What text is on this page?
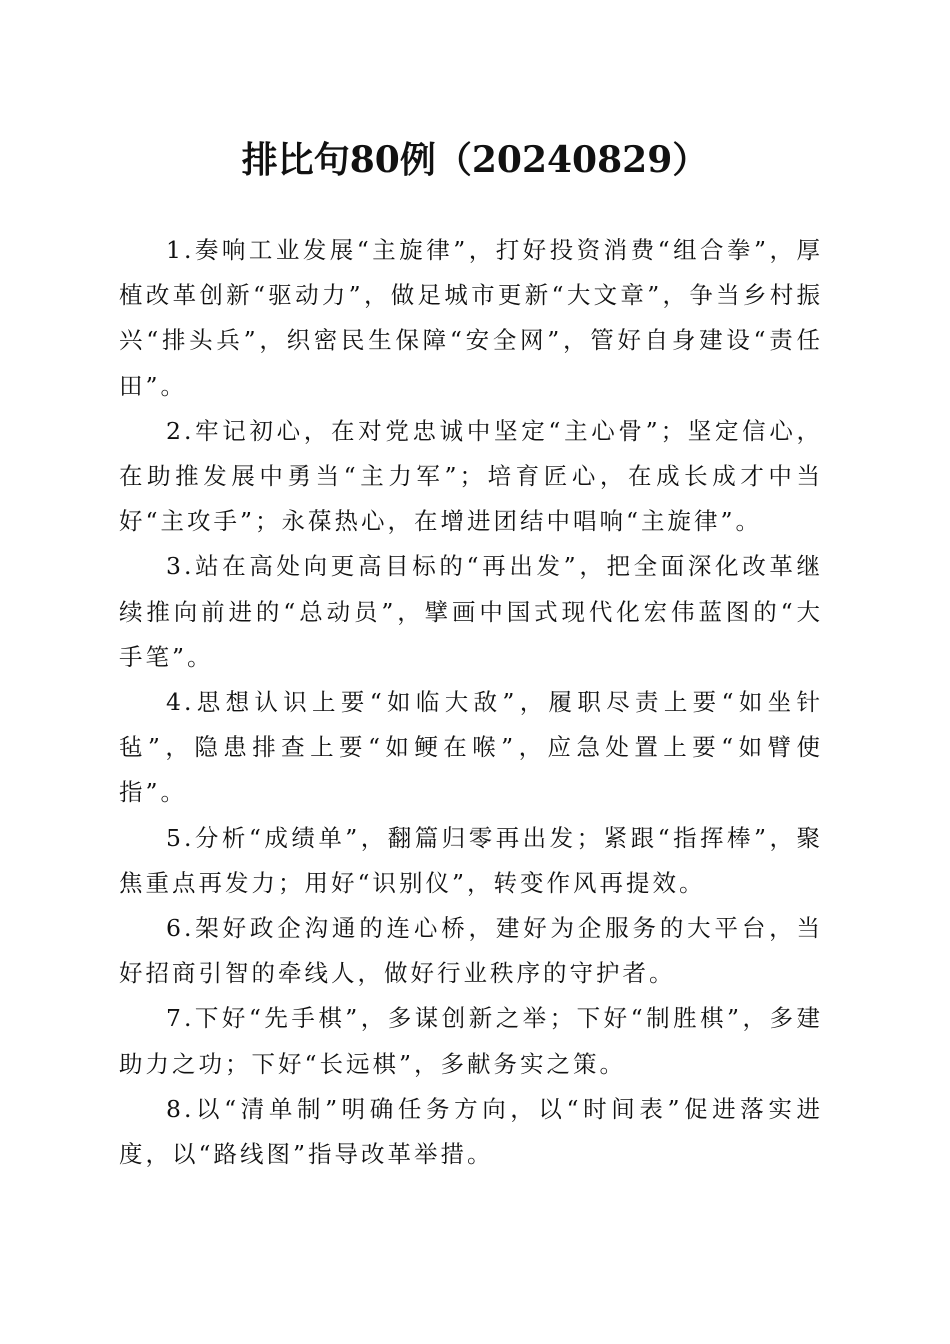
排比句80例（20240829）

1.奏响工业发展“主旋律”，打好投资消费“组合拳”，厚植改革创新“驱动力”，做足城市更新“大文章”，争当乡村振兴“排头兵”，织密民生保障“安全网”，管好自身建设“责任田”。

2.牢记初心，在对党忠诚中坚定“主心骨”；坚定信心，在助推发展中勇当“主力军”；培育匠心，在成长成才中当好“主攻手”；永葆热心，在增进团结中唱响“主旋律”。

3.站在高处向更高目标的“再出发”，把全面深化改革继续推向前进的“总动员”，擘画中国式现代化宏伟蓝图的“大手笔”。

4.思想认识上要“如临大敌”，履职尽责上要“如坐针毡”，隐患排查上要“如鲠在喉”，应急处置上要“如臂使指”。

5.分析“成绩单”，翻篇归零再出发；紧跟“指挥棒”，聚焦重点再发力；用好“识别仪”，转变作风再提效。

6.架好政企沟通的连心桥，建好为企服务的大平台，当好招商引智的牵线人，做好行业秩序的守护者。

7.下好“先手棋”，多谋创新之举；下好“制胜棋”，多建助力之功；下好“长远棋”，多献务实之策。

8.以“清单制”明确任务方向，以“时间表”促进落实进度，以“路线图”指导改革举措。
